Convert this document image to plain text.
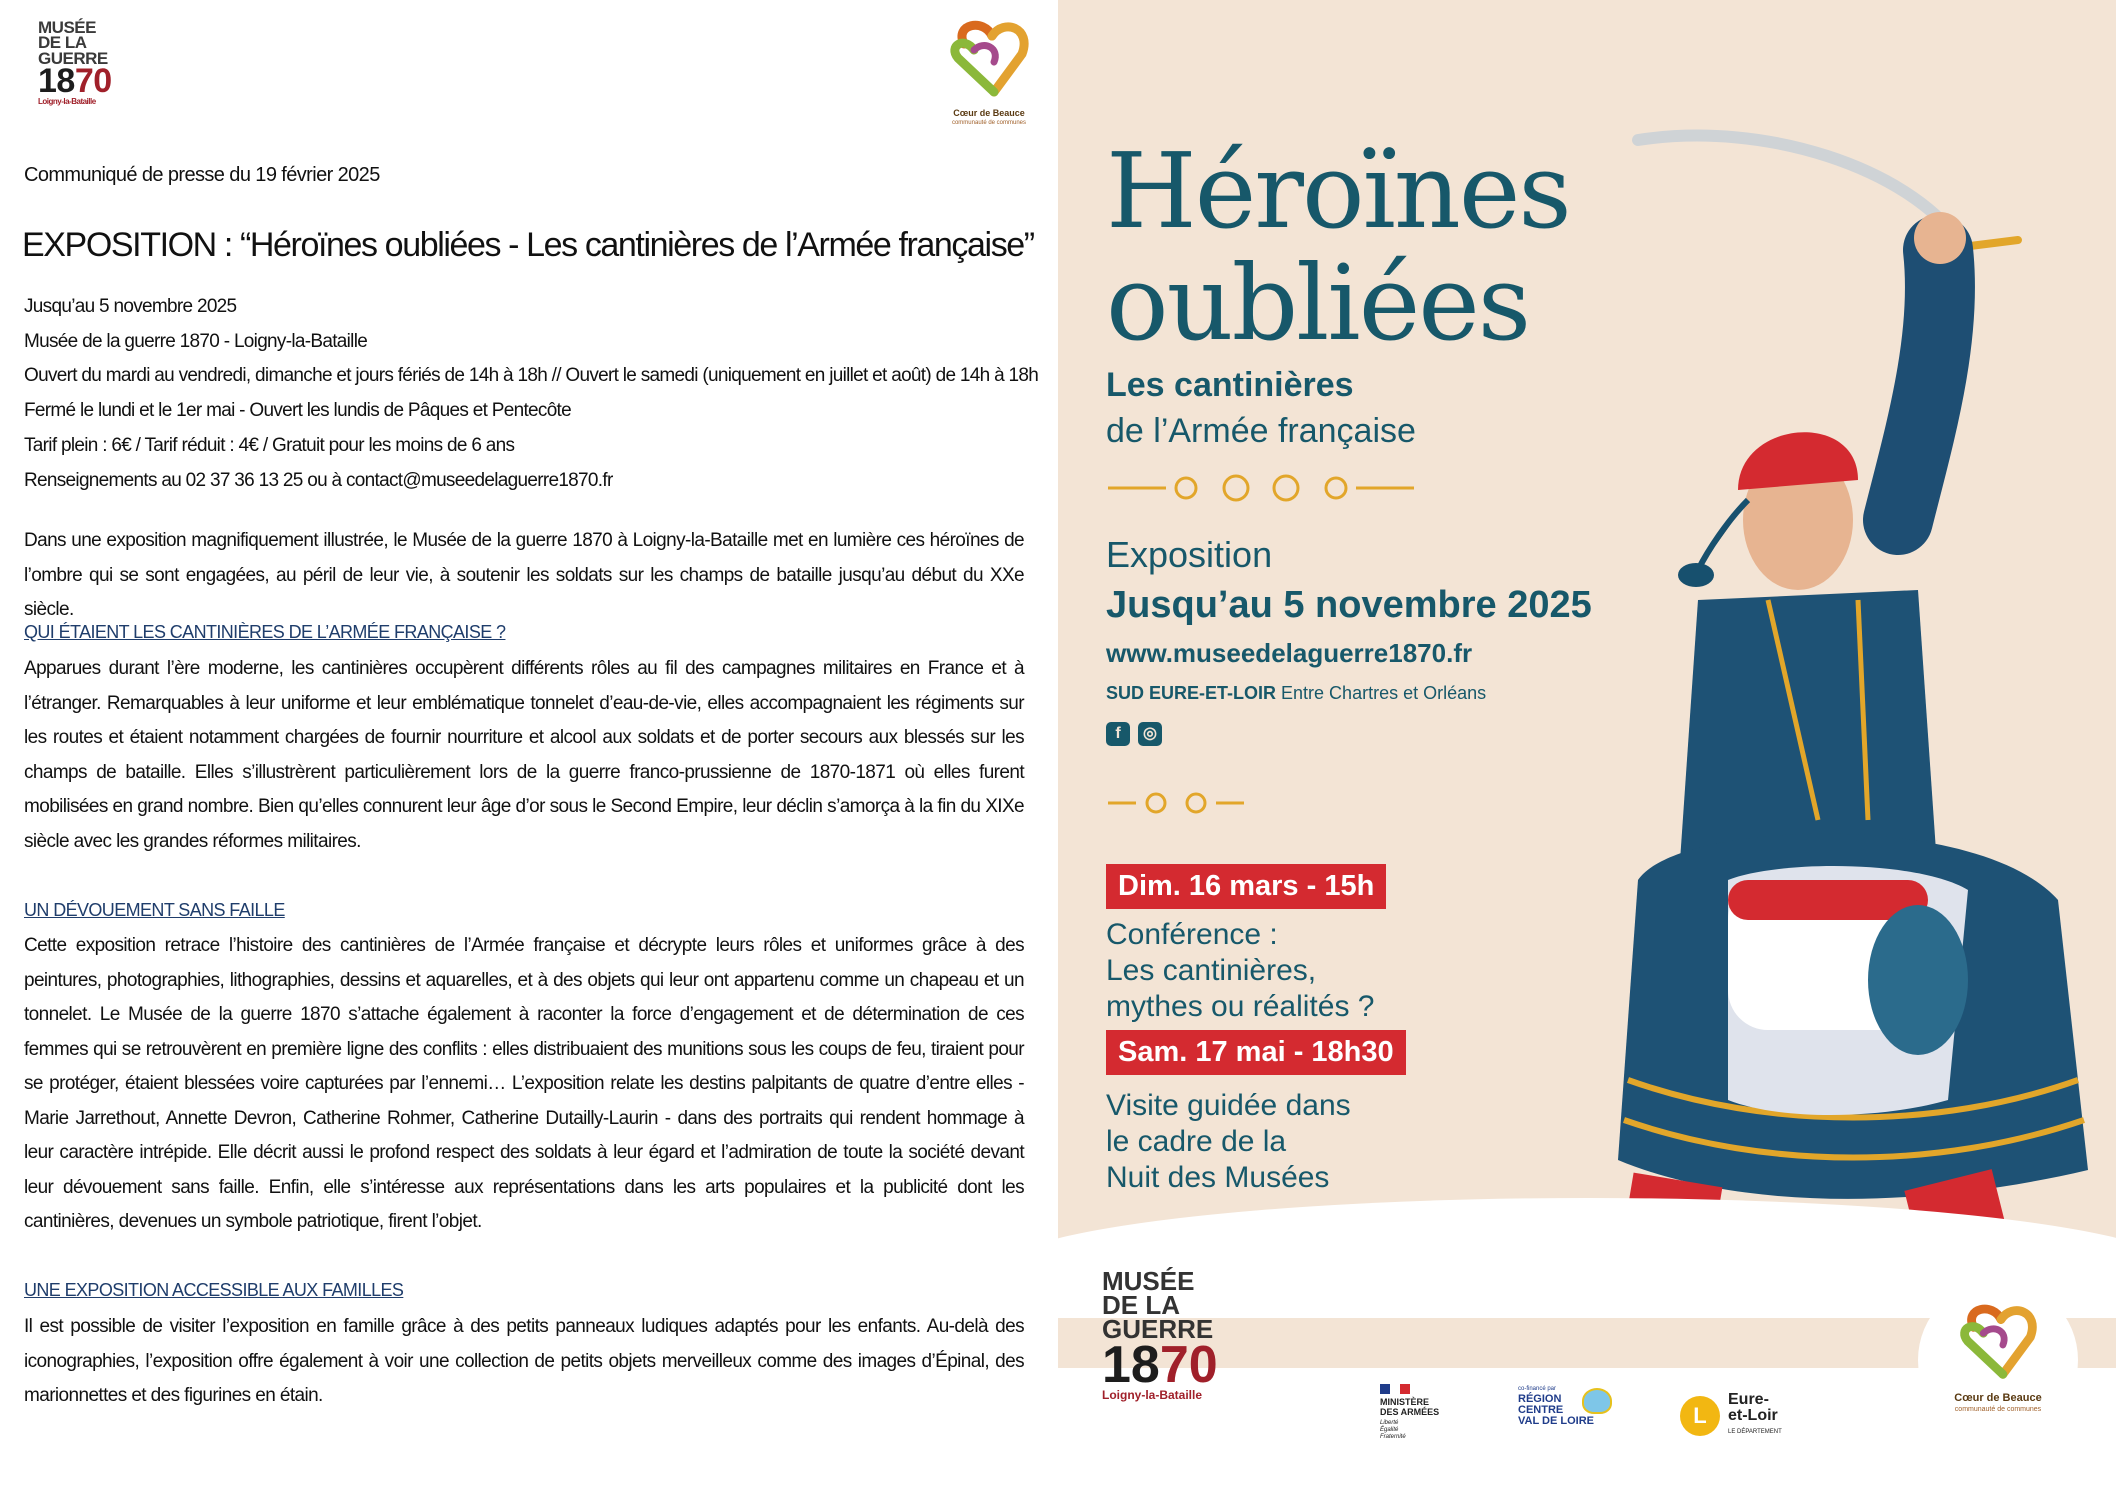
MUSÉE
DE LA
GUERRE
1870
Loigny-la-Bataille
Cœur de Beauce
communauté de communes
Communiqué de presse du 19 février 2025
EXPOSITION : “Héroïnes oubliées - Les cantinières de l’Armée française”
Jusqu’au 5 novembre 2025
Musée de la guerre 1870 - Loigny-la-Bataille
Ouvert du mardi au vendredi, dimanche et jours fériés de 14h à 18h // Ouvert le samedi (uniquement en juillet et août) de 14h à 18h
Fermé le lundi et le 1er mai - Ouvert les lundis de Pâques et Pentecôte
Tarif plein : 6€ / Tarif réduit : 4€ / Gratuit pour les moins de 6 ans
Renseignements au 02 37 36 13 25 ou à contact@museedelaguerre1870.fr
Dans une exposition magnifiquement illustrée, le Musée de la guerre 1870 à Loigny-la-Bataille met en lumière ces héroïnes de l’ombre qui se sont engagées, au péril de leur vie, à soutenir les soldats sur les champs de bataille jusqu’au début du XXe siècle.
QUI ÉTAIENT LES CANTINIÈRES DE L’ARMÉE FRANÇAISE ?
Apparues durant l’ère moderne, les cantinières occupèrent différents rôles au fil des campagnes militaires en France et à l’étranger. Remarquables à leur uniforme et leur emblématique tonnelet d’eau-de-vie, elles accompagnaient les régiments sur les routes et étaient notamment chargées de fournir nourriture et alcool aux soldats et de porter secours aux blessés sur les champs de bataille. Elles s’illustrèrent particulièrement lors de la guerre franco-prussienne de 1870-1871 où elles furent mobilisées en grand nombre. Bien qu’elles connurent leur âge d’or sous le Second Empire, leur déclin s’amorça à la fin du XIXe siècle avec les grandes réformes militaires.
UN DÉVOUEMENT SANS FAILLE
Cette exposition retrace l’histoire des cantinières de l’Armée française et décrypte leurs rôles et uniformes grâce à des peintures, photographies, lithographies, dessins et aquarelles, et à des objets qui leur ont appartenu comme un chapeau et un tonnelet. Le Musée de la guerre 1870 s’attache également à raconter la force d’engagement et de détermination de ces femmes qui se retrouvèrent en première ligne des conflits : elles distribuaient des munitions sous les coups de feu, tiraient pour se protéger, étaient blessées voire capturées par l’ennemi… L’exposition relate les destins palpitants de quatre d’entre elles - Marie Jarrethout, Annette Devron, Catherine Rohmer, Catherine Dutailly-Laurin - dans des portraits qui rendent hommage à leur caractère intrépide. Elle décrit aussi le profond respect des soldats à leur égard et l’admiration de toute la société devant leur dévouement sans faille. Enfin, elle s’intéresse aux représentations dans les arts populaires et la publicité dont les cantinières, devenues un symbole patriotique, firent l’objet.
UNE EXPOSITION ACCESSIBLE AUX FAMILLES
Il est possible de visiter l’exposition en famille grâce à des petits panneaux ludiques adaptés pour les enfants. Au-delà des iconographies, l’exposition offre également à voir une collection de petits objets merveilleux comme des images d’Épinal, des marionnettes et des figurines en étain.
Héroïnes
oubliées
Les cantinières
de l’Armée française
Exposition
Jusqu’au 5 novembre 2025
www.museedelaguerre1870.fr
SUD EURE-ET-LOIR Entre Chartres et Orléans
f	◎
Dim. 16 mars - 15h
Conférence :
Les cantinières,
mythes ou réalités ?
Sam. 17 mai - 18h30
Visite guidée dans
le cadre de la
Nuit des Musées
MUSÉE
DE LA
GUERRE
1870
Loigny-la-Bataille
MINISTÈRE
DES ARMÉES
Liberté
Égalité
Fraternité
co-financé par
RÉGION
CENTRE
VAL DE LOIRE	L
Eure-
et-Loir
LE DÉPARTEMENT
Cœur de Beauce
communauté de communes
